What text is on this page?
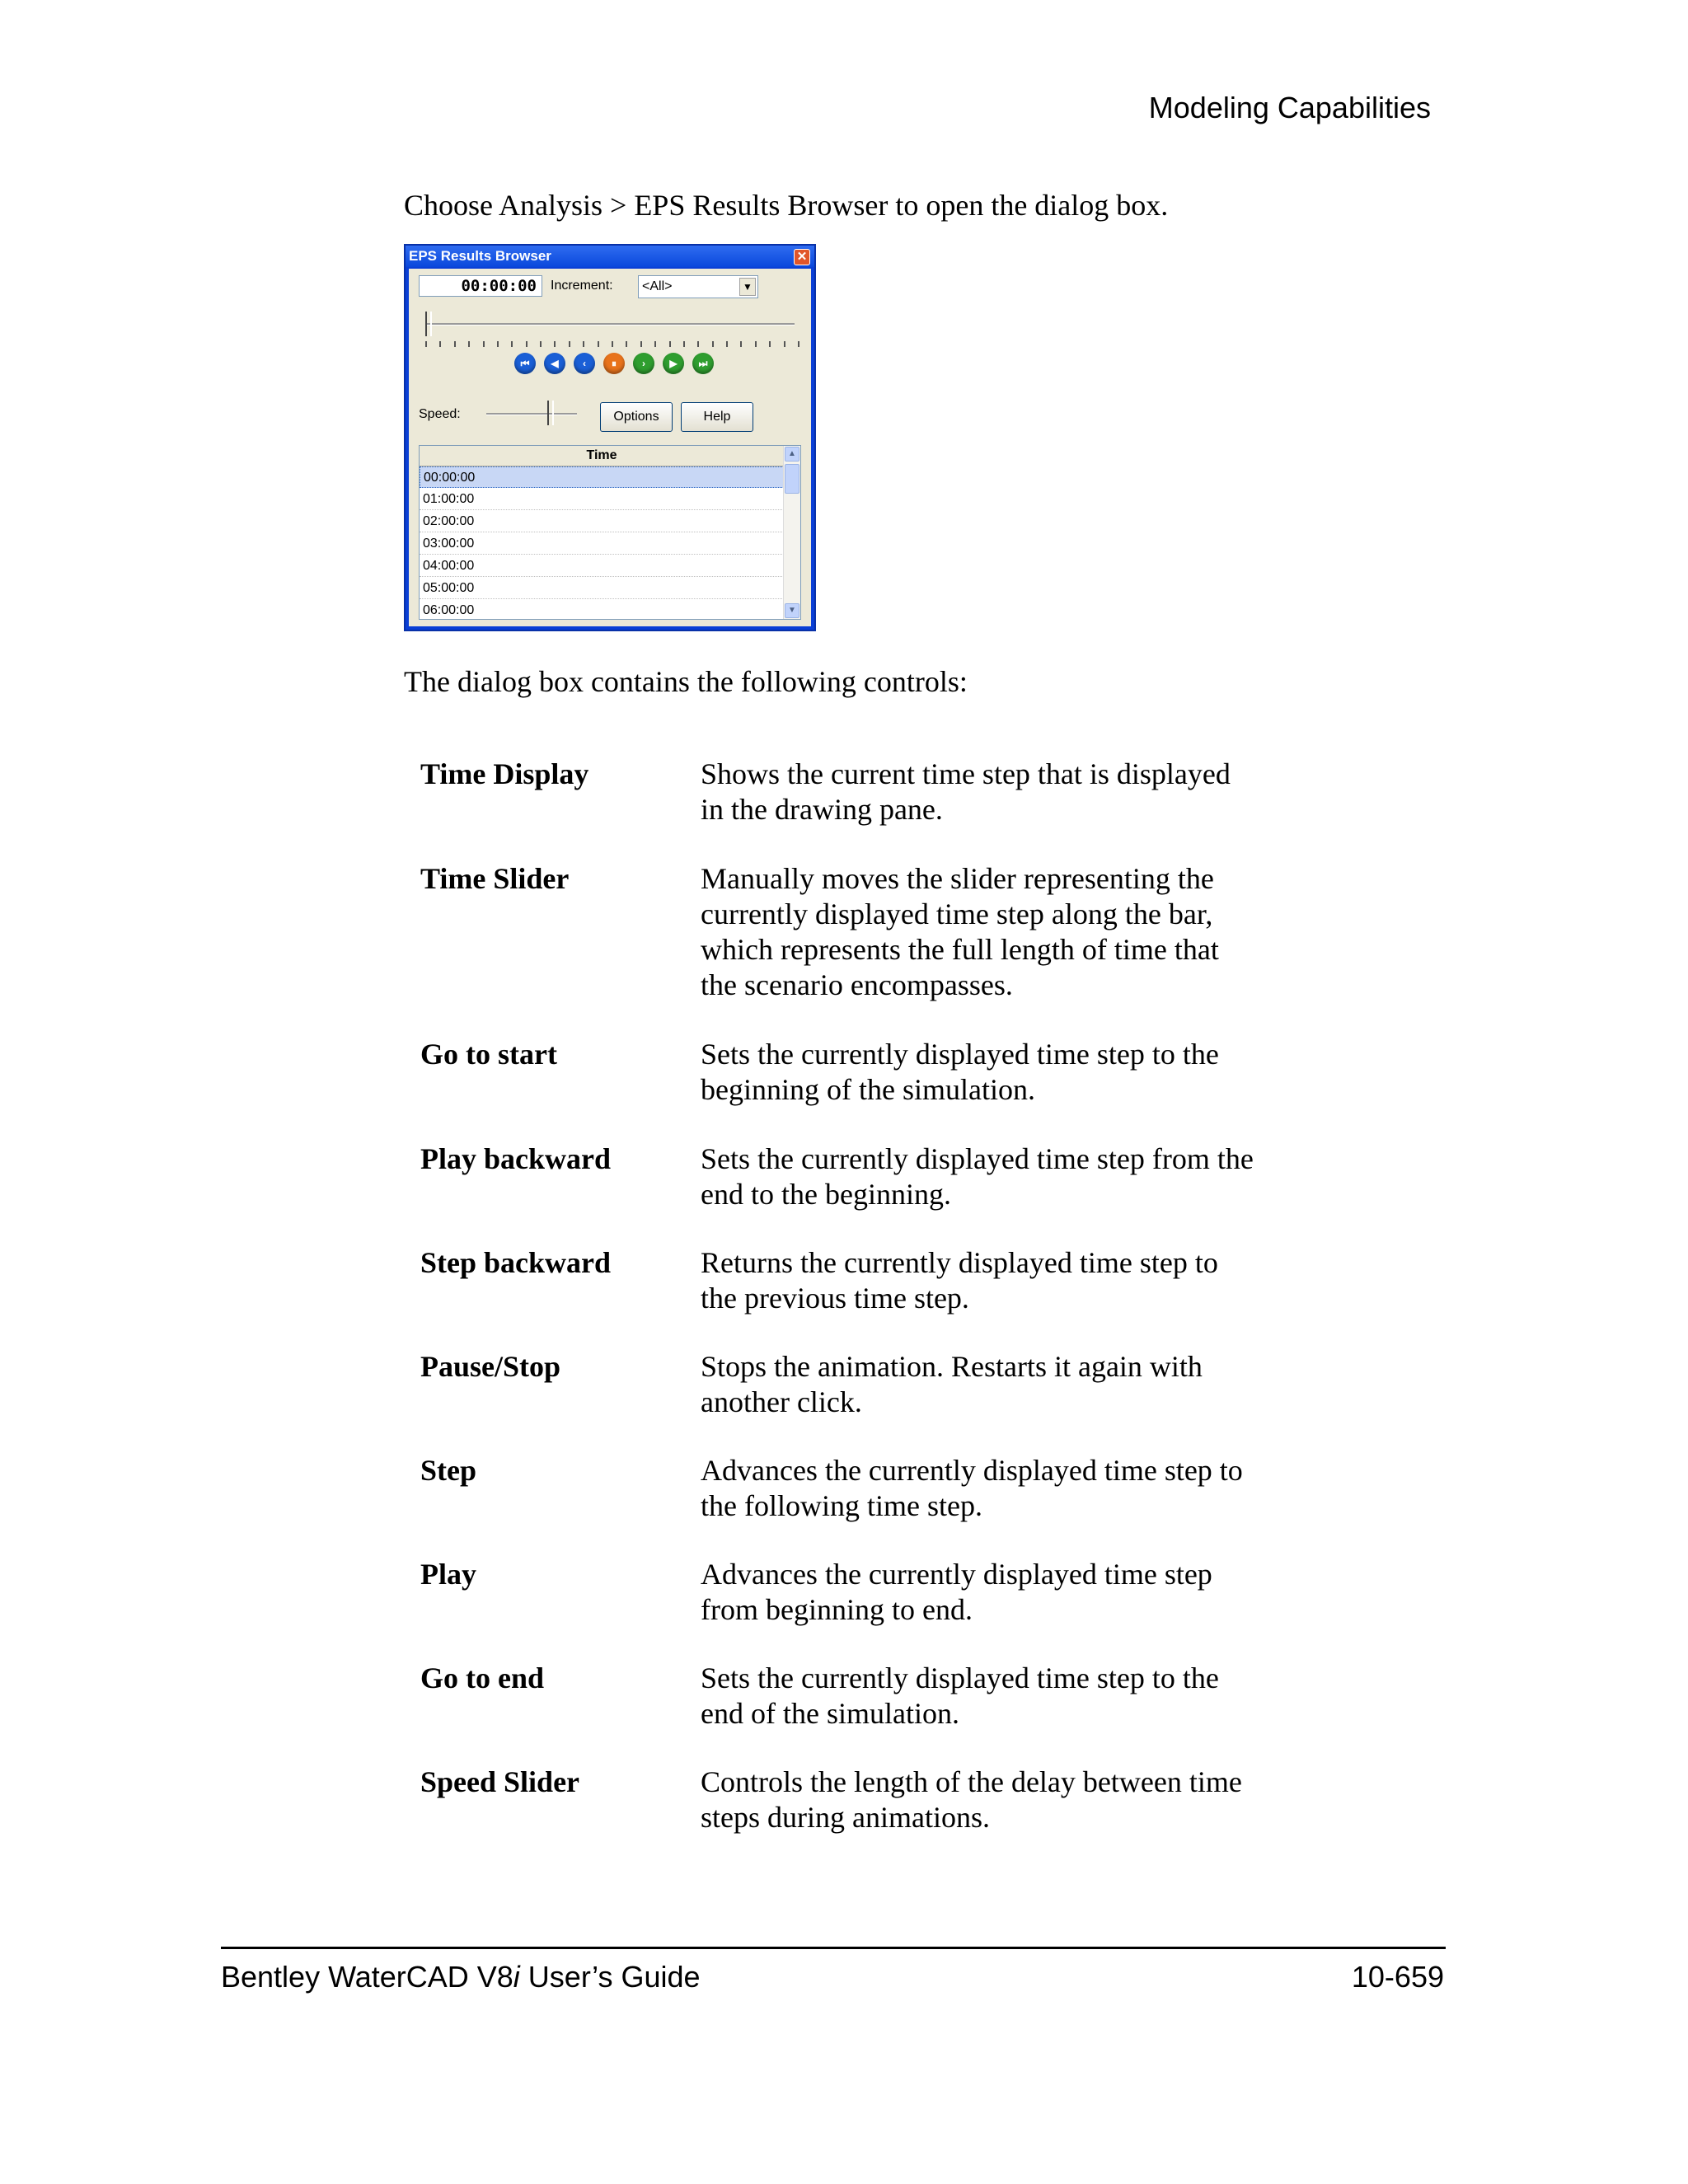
Modeling Capabilities
Choose Analysis > EPS Results Browser to open the dialog box.
EPS Results Browser	✕
00:00:00	Increment:	<All>	▼
⏮	◀	‹	⏸	›	▶	⏭
Speed:	Options	Help
Time
00:00:00
01:00:00
02:00:00
03:00:00
04:00:00
05:00:00
06:00:00
▲
▼
The dialog box contains the following controls:
Time Display	Shows the current time step that is displayed
in the drawing pane.
Time Slider	Manually moves the slider representing the
currently displayed time step along the bar,
which represents the full length of time that
the scenario encompasses.
Go to start	Sets the currently displayed time step to the
beginning of the simulation.
Play backward	Sets the currently displayed time step from the
end to the beginning.
Step backward	Returns the currently displayed time step to
the previous time step.
Pause/Stop	Stops the animation. Restarts it again with
another click.
Step	Advances the currently displayed time step to
the following time step.
Play	Advances the currently displayed time step
from beginning to end.
Go to end	Sets the currently displayed time step to the
end of the simulation.
Speed Slider	Controls the length of the delay between time
steps during animations.
Bentley WaterCAD V8i User’s Guide	10-659
